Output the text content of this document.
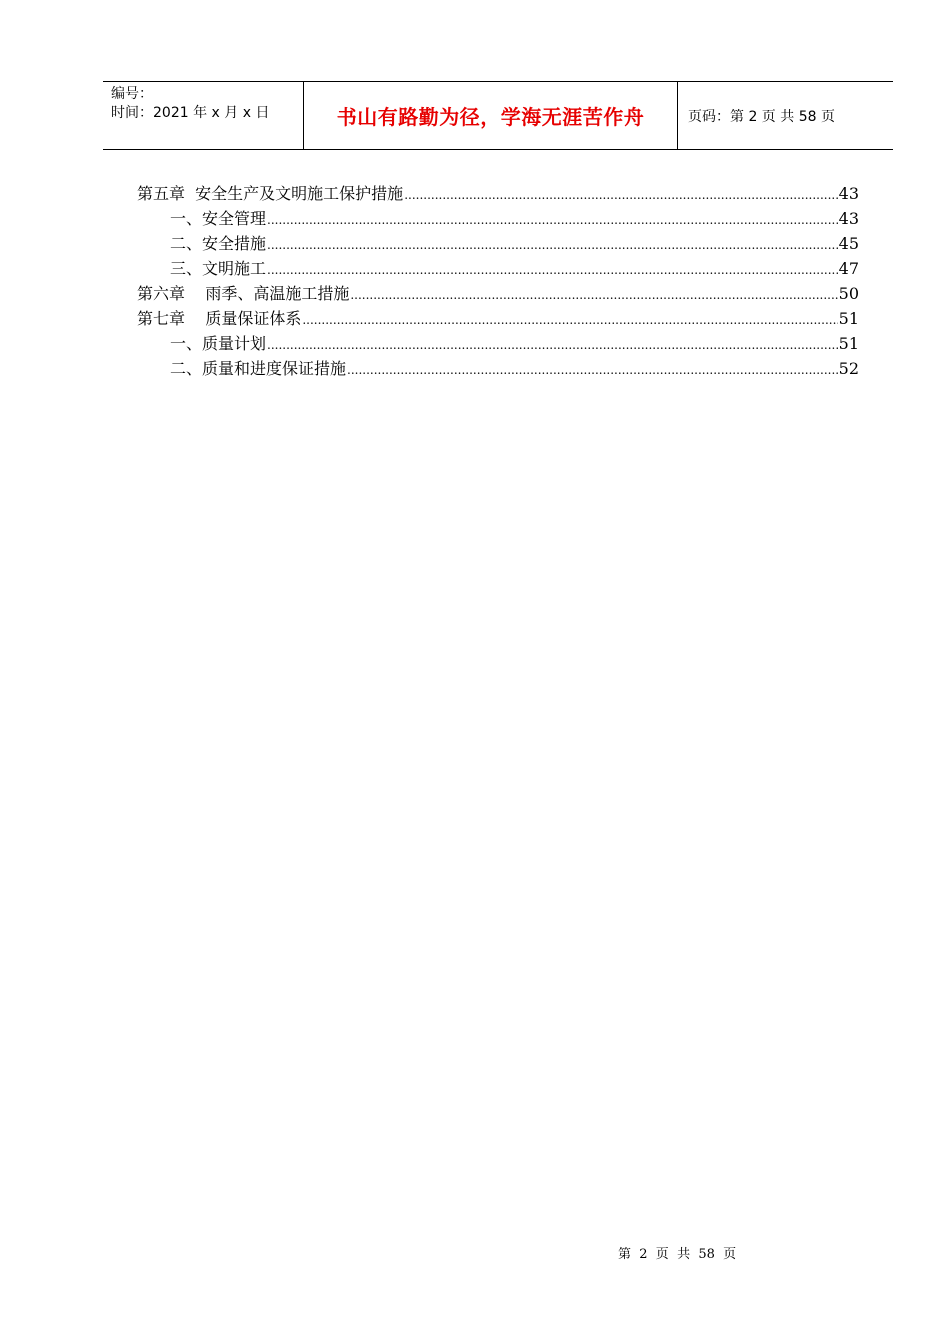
编号：
时间：2021 年 x 月 x 日	书山有路勤为径，学海无涯苦作舟	页码：第 2 页 共 58 页
第五章  安全生产及文明施工保护措施 .....	43
一、安全管理 .....	43
二、安全措施 .....	45
三、文明施工 .....	47
第六章    雨季、高温施工措施 .....	50
第七章    质量保证体系 .....	51
一、质量计划 .....	51
二、质量和进度保证措施 .....	52
第  2  页  共  58  页
